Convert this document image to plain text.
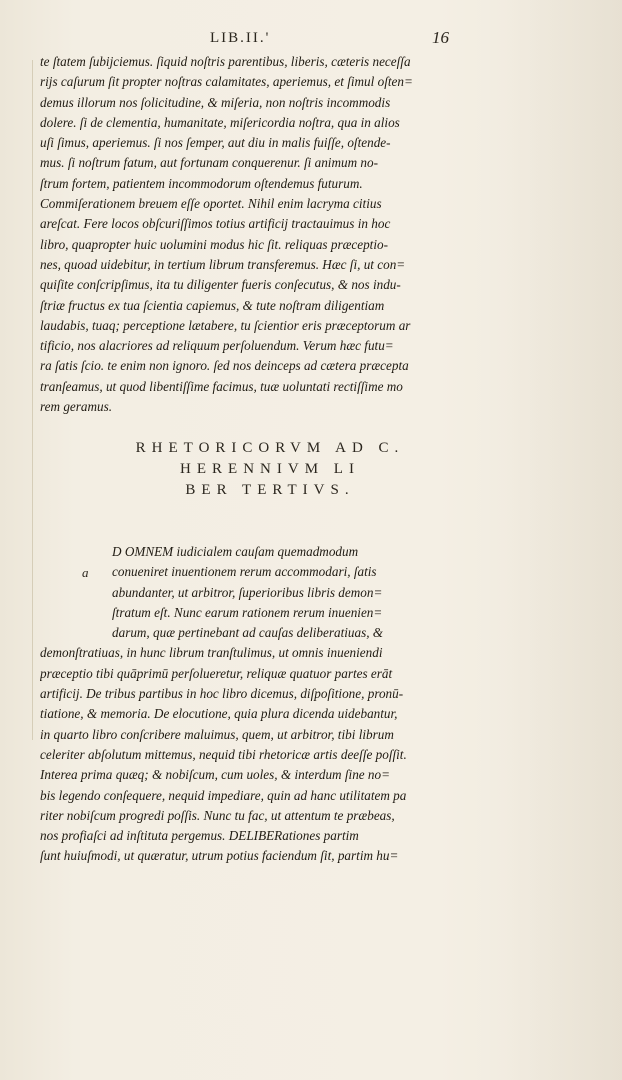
LIB.II.'	16
te ſtatem ſubijciemus. ſiquid noſtris parentibus, liberis, cæteris neceſſa
rijs caſurum ſit propter noſtras calamitates, aperiemus, et ſimul oſten=
demus illorum nos ſolicitudine, & miſeria, non noſtris incommodis
dolere. ſi de clementia, humanitate, miſericordia noſtra, qua in alios
uſi ſimus, aperiemus. ſi nos ſemper, aut diu in malis fuiſſe, oſtende-
mus. ſi noſtrum fatum, aut fortunam conquerenur. ſi animum no-
ſtrum fortem, patientem incommodorum oſtendemus futurum.
Commiſerationem breuem eſſe oportet. Nihil enim lacryma citius
areſcat. Fere locos obſcuriſſimos totius artificij tractauimus in hoc
libro, quapropter huic uolumini modus hic ſit. reliquas præceptio-
nes, quoad uidebitur, in tertium librum transferemus. Hæc ſi, ut con=
quiſite conſcripſimus, ita tu diligenter fueris conſecutus, & nos indu-
ſtriæ fructus ex tua ſcientia capiemus, & tute noſtram diligentiam
laudabis, tuaq; perceptione lætabere, tu ſcientior eris præceptorum ar
tificio, nos alacriores ad reliquum perſoluendum. Verum hæc futu=
ra ſatis ſcio. te enim non ignoro. ſed nos deinceps ad cætera præcepta
tranſeamus, ut quod libentiſſime facimus, tuæ uoluntati rectiſſime mo
rem geramus.
RHETORICORVM AD C.
HERENNIVM LI
BER TERTIVS.
a
D OMNEM iudicialem cauſam quemadmodum
conueniret inuentionem rerum accommodari, ſatis
abundanter, ut arbitror, ſuperioribus libris demon=
ſtratum eſt. Nunc earum rationem rerum inuenien=
darum, quæ pertinebant ad cauſas deliberatiuas, &
demonſtratiuas, in hunc librum tranſtulimus, ut omnis inueniendi
præceptio tibi quāprimū perſolueretur, reliquæ quatuor partes erāt
artificij. De tribus partibus in hoc libro dicemus, diſpoſitione, pronū-
tiatione, & memoria. De elocutione, quia plura dicenda uidebantur,
in quarto libro conſcribere maluimus, quem, ut arbitror, tibi librum
celeriter abſolutum mittemus, nequid tibi rhetoricæ artis deeſſe poſſit.
Interea prima quæq; & nobiſcum, cum uoles, & interdum ſine no=
bis legendo conſequere, nequid impediare, quin ad hanc utilitatem pa
riter nobiſcum progredi poſſis. Nunc tu fac, ut attentum te præbeas,
nos profiaſci ad inſtituta pergemus. DELIBERationes partim
ſunt huiuſmodi, ut quæratur, utrum potius faciendum ſit, partim hu=
